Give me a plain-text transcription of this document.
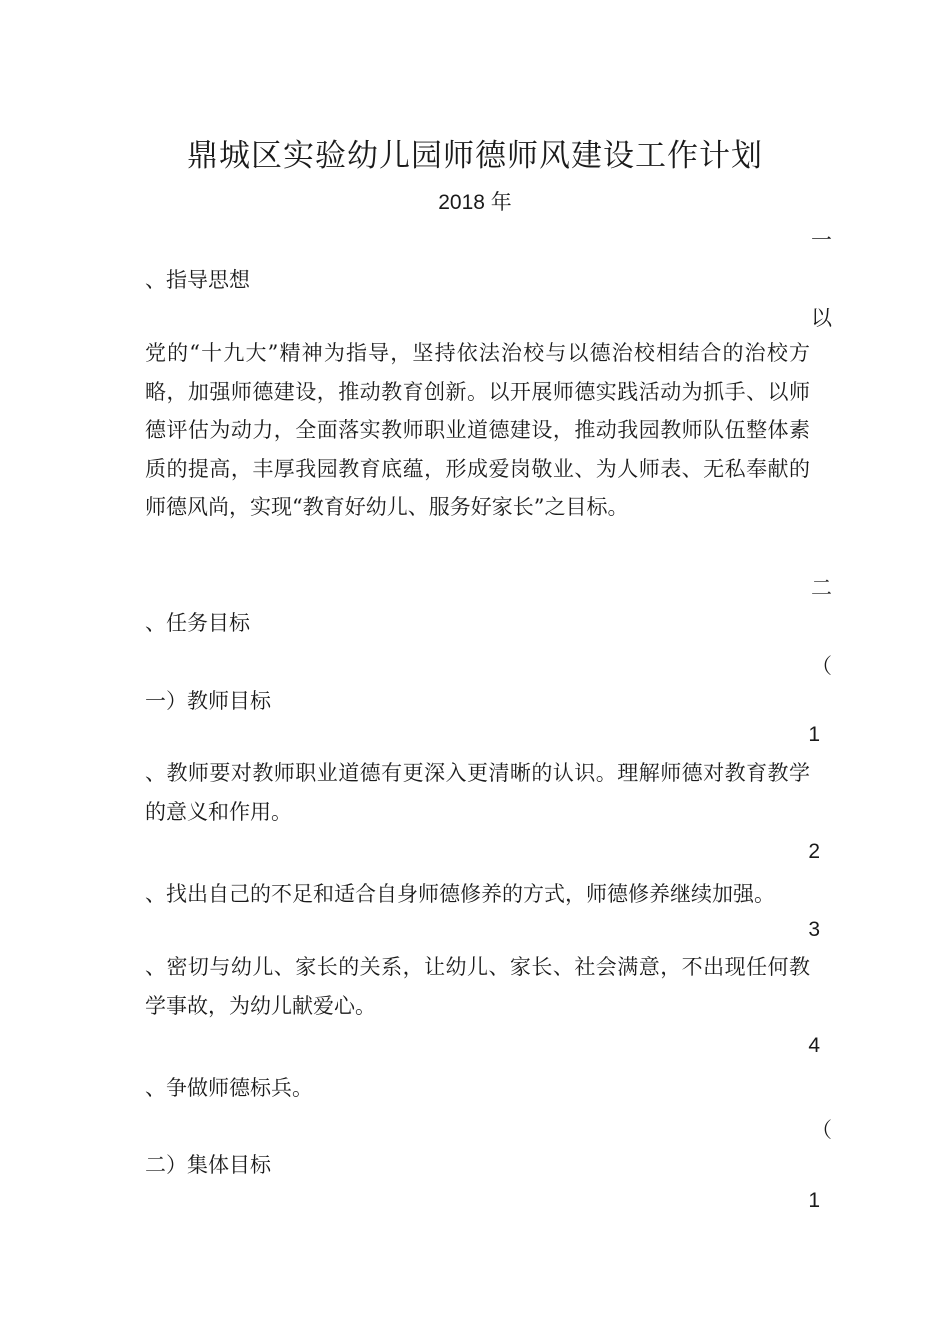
鼎城区实验幼儿园师德师风建设工作计划
2018 年
一
、指导思想
以
党的“十九大”精神为指导，坚持依法治校与以德治校相结合的治校方略，加强师德建设，推动教育创新。以开展师德实践活动为抓手、以师德评估为动力，全面落实教师职业道德建设，推动我园教师队伍整体素质的提高，丰厚我园教育底蕴，形成爱岗敬业、为人师表、无私奉献的师德风尚，实现“教育好幼儿、服务好家长”之目标。
二
、任务目标
（
一）教师目标
1
、教师要对教师职业道德有更深入更清晰的认识。理解师德对教育教学的意义和作用。
2
、找出自己的不足和适合自身师德修养的方式，师德修养继续加强。
3
、密切与幼儿、家长的关系，让幼儿、家长、社会满意，不出现任何教学事故，为幼儿献爱心。
4
、争做师德标兵。
（
二）集体目标
1
